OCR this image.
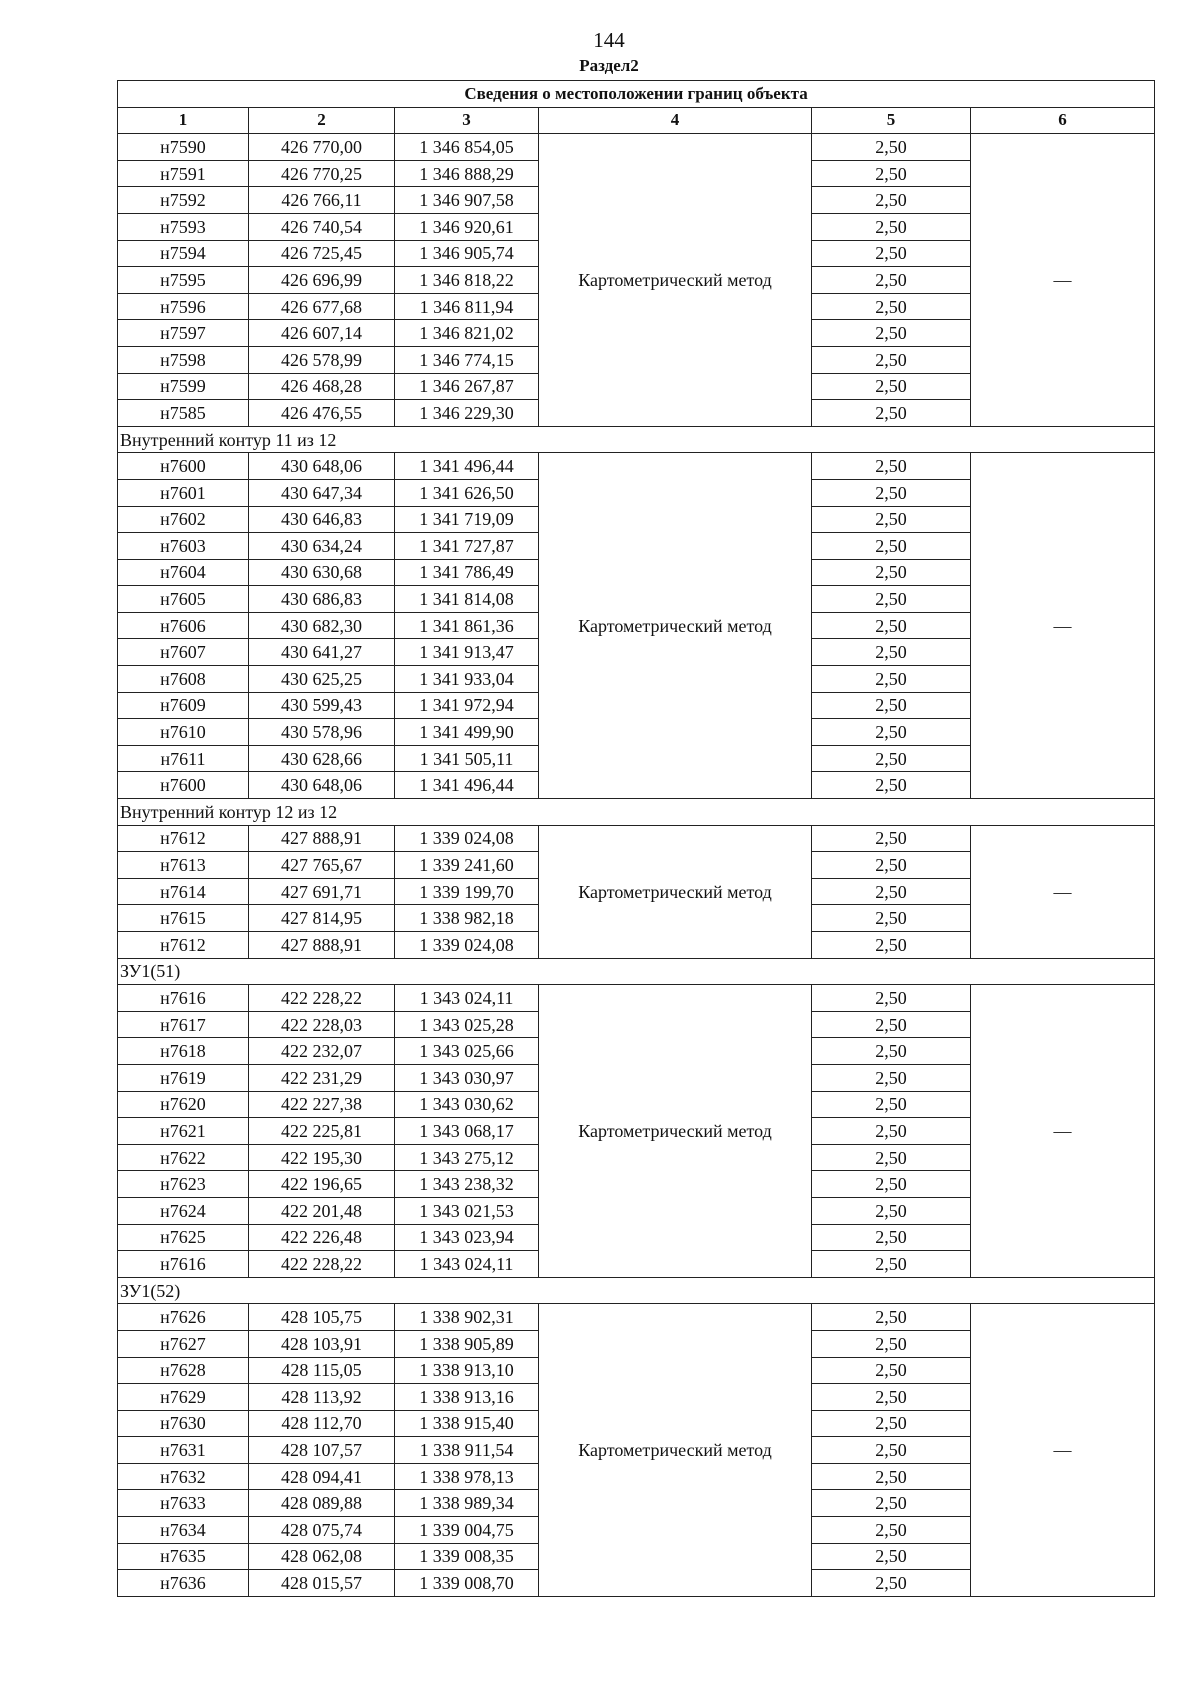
144
Раздел2
Сведения о местоположении границ объекта					
1	2	3	4	5	6
н7590	426 770,00	1 346 854,05	Картометрический метод	2,50	—
н7591	426 770,25	1 346 888,29		2,50	
н7592	426 766,11	1 346 907,58		2,50	
н7593	426 740,54	1 346 920,61		2,50	
н7594	426 725,45	1 346 905,74		2,50	
н7595	426 696,99	1 346 818,22		2,50	
н7596	426 677,68	1 346 811,94		2,50	
н7597	426 607,14	1 346 821,02		2,50	
н7598	426 578,99	1 346 774,15		2,50	
н7599	426 468,28	1 346 267,87		2,50	
н7585	426 476,55	1 346 229,30		2,50	
Внутренний контур 11 из 12					
н7600	430 648,06	1 341 496,44	Картометрический метод	2,50	—
н7601	430 647,34	1 341 626,50		2,50	
н7602	430 646,83	1 341 719,09		2,50	
н7603	430 634,24	1 341 727,87		2,50	
н7604	430 630,68	1 341 786,49		2,50	
н7605	430 686,83	1 341 814,08		2,50	
н7606	430 682,30	1 341 861,36		2,50	
н7607	430 641,27	1 341 913,47		2,50	
н7608	430 625,25	1 341 933,04		2,50	
н7609	430 599,43	1 341 972,94		2,50	
н7610	430 578,96	1 341 499,90		2,50	
н7611	430 628,66	1 341 505,11		2,50	
н7600	430 648,06	1 341 496,44		2,50	
Внутренний контур 12 из 12					
н7612	427 888,91	1 339 024,08	Картометрический метод	2,50	—
н7613	427 765,67	1 339 241,60		2,50	
н7614	427 691,71	1 339 199,70		2,50	
н7615	427 814,95	1 338 982,18		2,50	
н7612	427 888,91	1 339 024,08		2,50	
ЗУ1(51)					
н7616	422 228,22	1 343 024,11	Картометрический метод	2,50	—
н7617	422 228,03	1 343 025,28		2,50	
н7618	422 232,07	1 343 025,66		2,50	
н7619	422 231,29	1 343 030,97		2,50	
н7620	422 227,38	1 343 030,62		2,50	
н7621	422 225,81	1 343 068,17		2,50	
н7622	422 195,30	1 343 275,12		2,50	
н7623	422 196,65	1 343 238,32		2,50	
н7624	422 201,48	1 343 021,53		2,50	
н7625	422 226,48	1 343 023,94		2,50	
н7616	422 228,22	1 343 024,11		2,50	
ЗУ1(52)					
н7626	428 105,75	1 338 902,31	Картометрический метод	2,50	—
н7627	428 103,91	1 338 905,89		2,50	
н7628	428 115,05	1 338 913,10		2,50	
н7629	428 113,92	1 338 913,16		2,50	
н7630	428 112,70	1 338 915,40		2,50	
н7631	428 107,57	1 338 911,54		2,50	
н7632	428 094,41	1 338 978,13		2,50	
н7633	428 089,88	1 338 989,34		2,50	
н7634	428 075,74	1 339 004,75		2,50	
н7635	428 062,08	1 339 008,35		2,50	
н7636	428 015,57	1 339 008,70		2,50	
